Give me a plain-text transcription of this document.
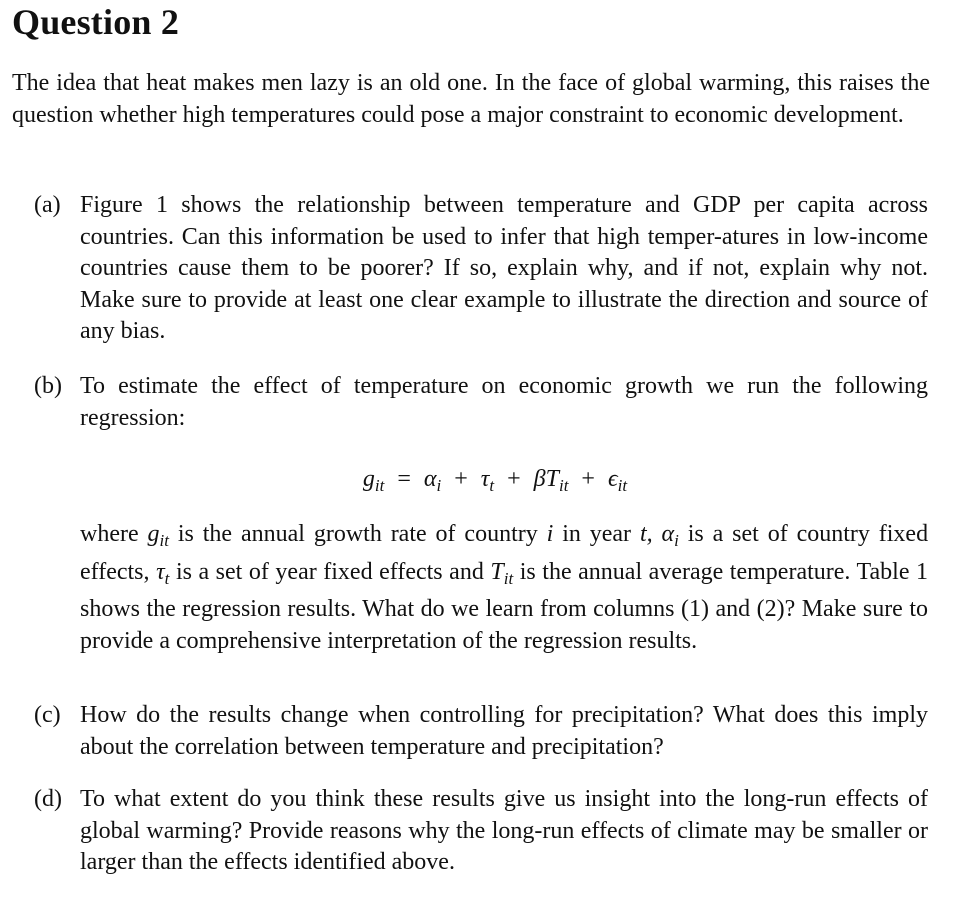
Question 2
The idea that heat makes men lazy is an old one. In the face of global warming, this raises the question whether high temperatures could pose a major constraint to economic development.
(a) Figure 1 shows the relationship between temperature and GDP per capita across countries. Can this information be used to infer that high temper-atures in low-income countries cause them to be poorer? If so, explain why, and if not, explain why not. Make sure to provide at least one clear example to illustrate the direction and source of any bias.
(b) To estimate the effect of temperature on economic growth we run the following regression:
$g_{it} = \alpha_i + \tau_t + \beta T_{it} + \epsilon_{it}$
where $g_{it}$ is the annual growth rate of country i in year t, $\alpha_i$ is a set of country fixed effects, $\tau_t$ is a set of year fixed effects and $T_{it}$ is the annual average temperature. Table 1 shows the regression results. What do we learn from columns (1) and (2)? Make sure to provide a comprehensive interpretation of the regression results.
(c) How do the results change when controlling for precipitation? What does this imply about the correlation between temperature and precipitation?
(d) To what extent do you think these results give us insight into the long-run effects of global warming? Provide reasons why the long-run effects of climate may be smaller or larger than the effects identified above.
